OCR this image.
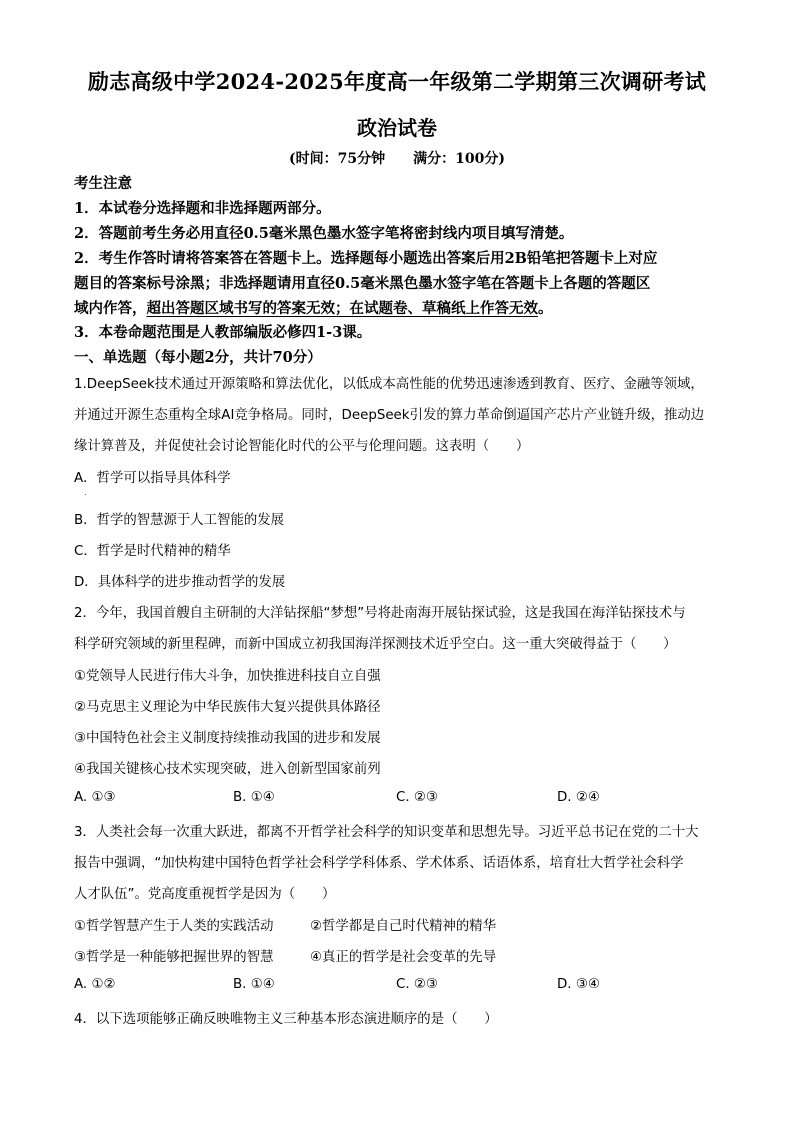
励志高级中学2024-2025年度高一年级第二学期第三次调研考试
政治试卷
(时间：75分钟　　满分：100分)
考生注意
1．本试卷分选择题和非选择题两部分。
2．答题前考生务必用直径0.5毫米黑色墨水签字笔将密封线内项目填写清楚。
2．考生作答时请将答案答在答题卡上。选择题每小题选出答案后用2B铅笔把答题卡上对应
题目的答案标号涂黑；非选择题请用直径0.5毫米黑色墨水签字笔在答题卡上各题的答题区
域内作答，超出答题区域书写的答案无效；在试题卷、草稿纸上作答无效。
3．本卷命题范围是人教部编版必修四1-3课。
一、单选题（每小题2分，共计70分）
1.DeepSeek技术通过开源策略和算法优化，以低成本高性能的优势迅速渗透到教育、医疗、金融等领域，
并通过开源生态重构全球AI竞争格局。同时，DeepSeek引发的算力革命倒逼国产芯片产业链升级，推动边
缘计算普及，并促使社会讨论智能化时代的公平与伦理问题。这表明（　　）
A．哲学可以指导具体科学
.
B．哲学的智慧源于人工智能的发展
C．哲学是时代精神的精华
D．具体科学的进步推动哲学的发展
2．今年，我国首艘自主研制的大洋钻探船“梦想”号将赴南海开展钻探试验，这是我国在海洋钻探技术与
科学研究领域的新里程碑，而新中国成立初我国海洋探测技术近乎空白。这一重大突破得益于（　　）
①党领导人民进行伟大斗争，加快推进科技自立自强
②马克思主义理论为中华民族伟大复兴提供具体路径
③中国特色社会主义制度持续推动我国的进步和发展
④我国关键核心技术实现突破，进入创新型国家前列
A. ①③	B. ①④	C. ②③	D. ②④
3．人类社会每一次重大跃进，都离不开哲学社会科学的知识变革和思想先导。习近平总书记在党的二十大
报告中强调，“加快构建中国特色哲学社会科学学科体系、学术体系、话语体系，培育壮大哲学社会科学
人才队伍”。党高度重视哲学是因为（　　）
①哲学智慧产生于人类的实践活动	②哲学都是自己时代精神的精华
③哲学是一种能够把握世界的智慧	④真正的哲学是社会变革的先导
A. ①②	B. ①④	C. ②③	D. ③④
4．以下选项能够正确反映唯物主义三种基本形态演进顺序的是（　　）
